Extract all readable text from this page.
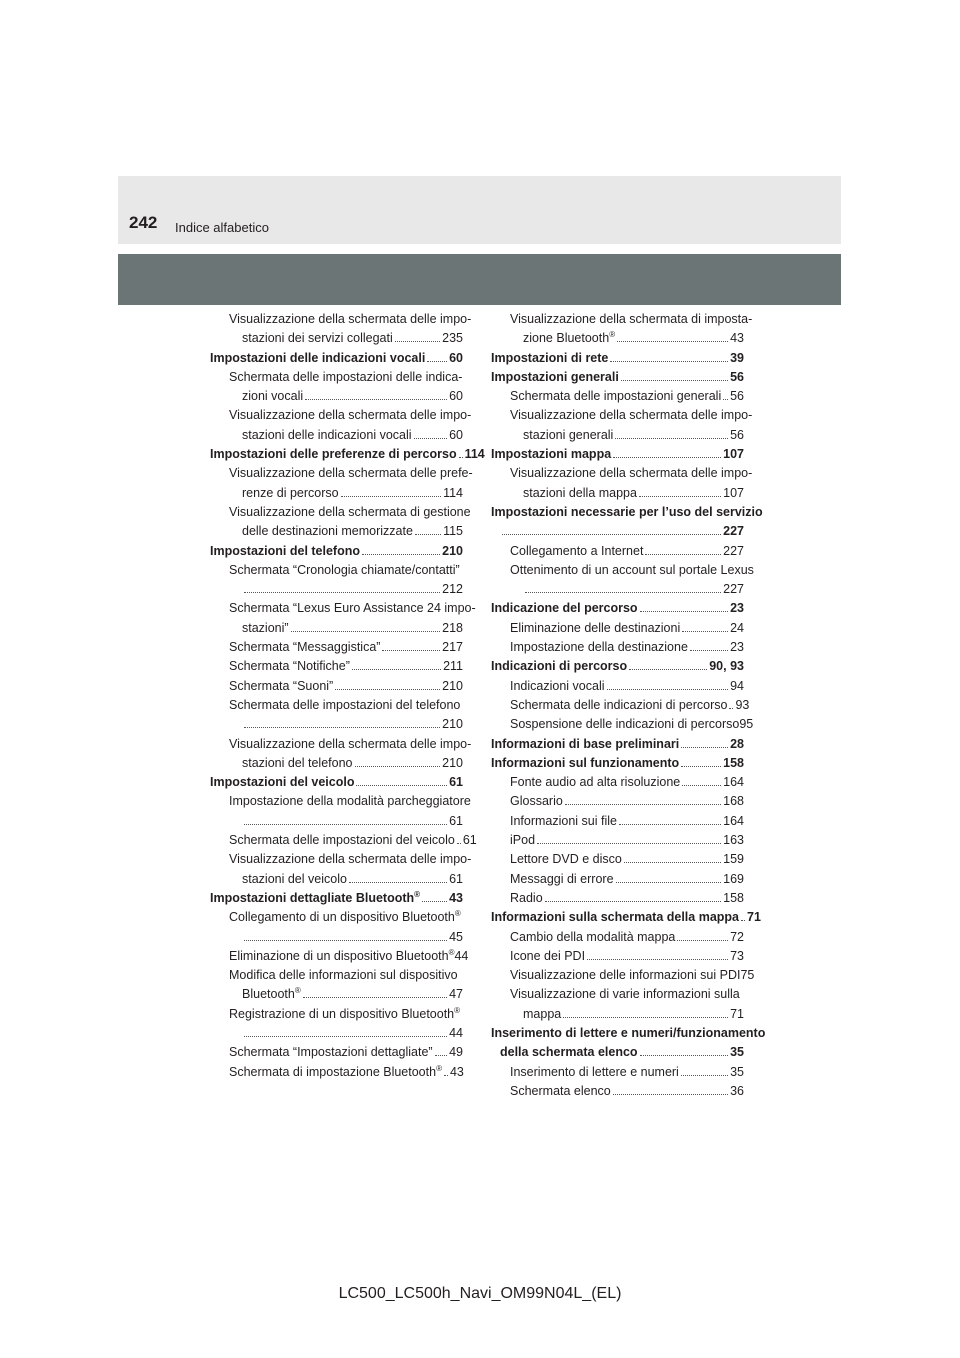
242 Indice alfabetico
Visualizzazione della schermata delle impo-
stazioni dei servizi collegati	235
Impostazioni delle indicazioni vocali 60
Schermata delle impostazioni delle indica-
zioni vocali	60
Visualizzazione della schermata delle impo-
stazioni delle indicazioni vocali	60
Impostazioni delle preferenze di percorso 114
Visualizzazione della schermata delle prefe-
renze di percorso	114
Visualizzazione della schermata di gestione
delle destinazioni memorizzate 115
Impostazioni del telefono	210
Schermata “Cronologia chiamate/contatti”
212
Schermata “Lexus Euro Assistance 24 impo-
stazioni”	218
Schermata “Messaggistica”	217
Schermata “Notifiche”	211
Schermata “Suoni”	210
Schermata delle impostazioni del telefono
210
Visualizzazione della schermata delle impo-
stazioni del telefono	210
Impostazioni del veicolo	61
Impostazione della modalità parcheggiatore
61
Schermata delle impostazioni del veicolo 61
Visualizzazione della schermata delle impo-
stazioni del veicolo	61
Impostazioni dettagliate Bluetooth® 43
Collegamento di un dispositivo Bluetooth®
45
Eliminazione di un dispositivo Bluetooth® 44
Modifica delle informazioni sul dispositivo
Bluetooth®	47
Registrazione di un dispositivo Bluetooth®
44
Schermata “Impostazioni dettagliate” 49
Schermata di impostazione Bluetooth® 43
Visualizzazione della schermata di imposta-
zione Bluetooth®	43
Impostazioni di rete	39
Impostazioni generali	56
Schermata delle impostazioni generali 56
Visualizzazione della schermata delle impo-
stazioni generali	56
Impostazioni mappa	107
Visualizzazione della schermata delle impo-
stazioni della mappa	107
Impostazioni necessarie per l’uso del servizio
227
Collegamento a Internet	227
Ottenimento di un account sul portale Lexus
227
Indicazione del percorso	23
Eliminazione delle destinazioni	24
Impostazione della destinazione	23
Indicazioni di percorso	90, 93
Indicazioni vocali	94
Schermata delle indicazioni di percorso 93
Sospensione delle indicazioni di percorso 95
Informazioni di base preliminari	28
Informazioni sul funzionamento	158
Fonte audio ad alta risoluzione	164
Glossario	168
Informazioni sui file	164
iPod	163
Lettore DVD e disco	159
Messaggi di errore	169
Radio	158
Informazioni sulla schermata della mappa 71
Cambio della modalità mappa	72
Icone dei PDI	73
Visualizzazione delle informazioni sui PDI 75
Visualizzazione di varie informazioni sulla
mappa	71
Inserimento di lettere e numeri/funzionamento
della schermata elenco	35
Inserimento di lettere e numeri	35
Schermata elenco	36
LC500_LC500h_Navi_OM99N04L_(EL)
